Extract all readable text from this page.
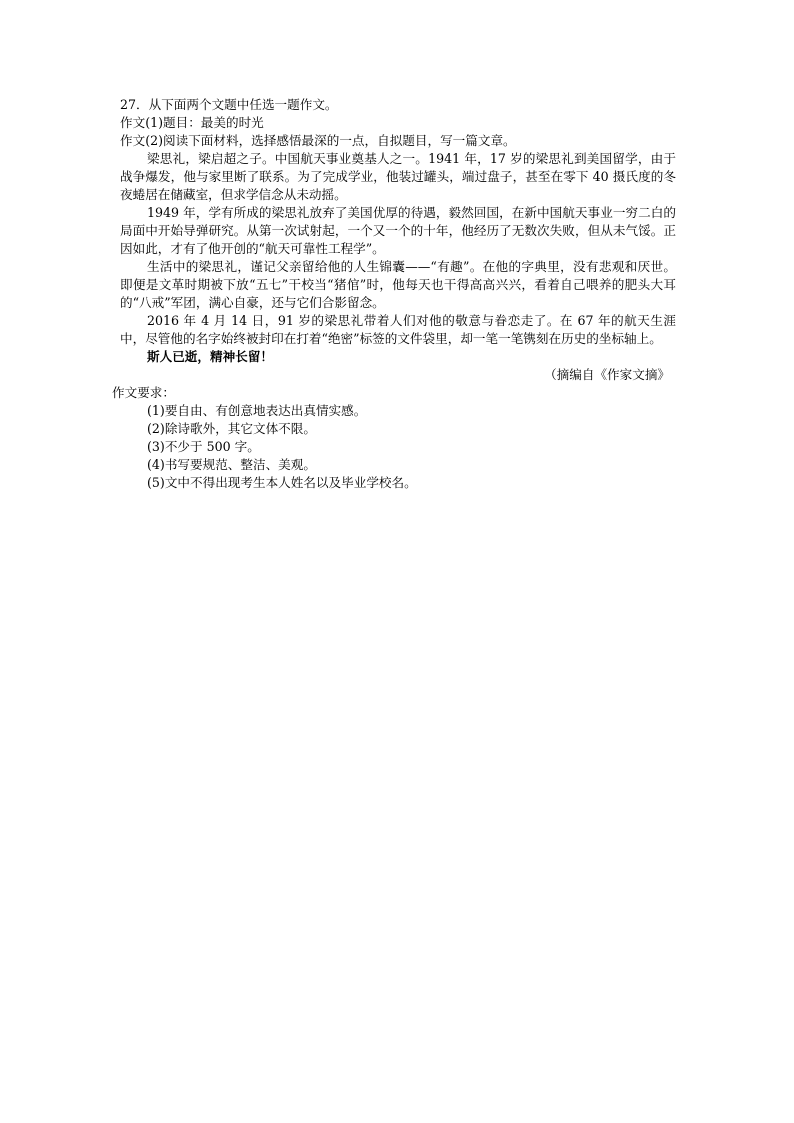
27．从下面两个文题中任选一题作文。

作文(1)题目：最美的时光

作文(2)阅读下面材料，选择感悟最深的一点，自拟题目，写一篇文章。

梁思礼，梁启超之子。中国航天事业奠基人之一。1941 年，17 岁的梁思礼到美国留学，由于战争爆发，他与家里断了联系。为了完成学业，他装过罐头，端过盘子，甚至在零下 40 摄氏度的冬夜蜷居在储藏室，但求学信念从未动摇。

1949 年，学有所成的梁思礼放弃了美国优厚的待遇，毅然回国，在新中国航天事业一穷二白的局面中开始导弹研究。从第一次试射起，一个又一个的十年，他经历了无数次失败，但从未气馁。正因如此，才有了他开创的“航天可靠性工程学”。

生活中的梁思礼，谨记父亲留给他的人生锦囊——“有趣”。在他的字典里，没有悲观和厌世。即便是文革时期被下放“五七”干校当“猪倌”时，他每天也干得高高兴兴，看着自己喂养的肥头大耳的“八戒”军团，满心自豪，还与它们合影留念。

2016 年 4 月 14 日，91 岁的梁思礼带着人们对他的敬意与眷恋走了。在 67 年的航天生涯中，尽管他的名字始终被封印在打着“绝密”标签的文件袋里，却一笔一笔镌刻在历史的坐标轴上。

斯人已逝，精神长留！

（摘编自《作家文摘》

作文要求：

(1)要自由、有创意地表达出真情实感。

(2)除诗歌外，其它文体不限。

(3)不少于 500 字。

(4)书写要规范、整洁、美观。

(5)文中不得出现考生本人姓名以及毕业学校名。
